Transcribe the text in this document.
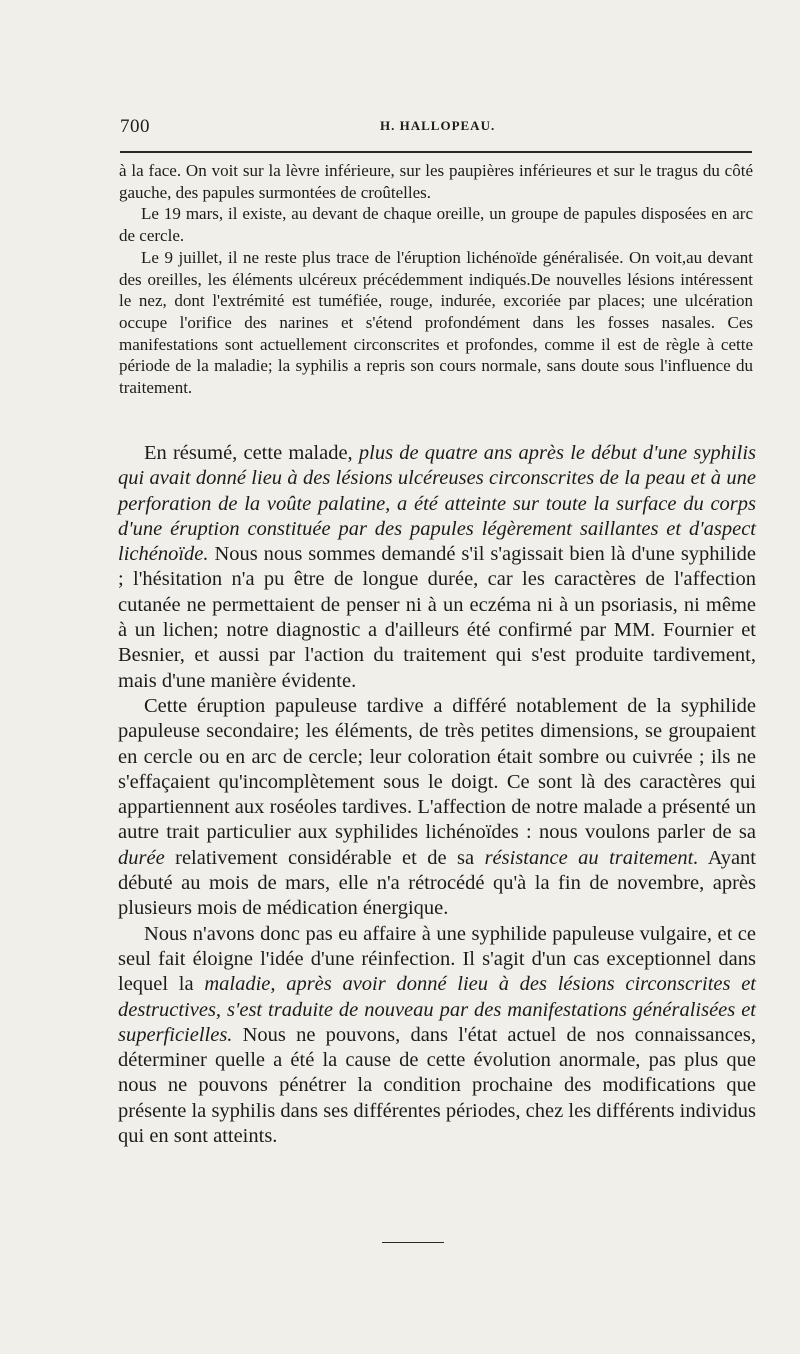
700	H. HALLOPEAU.

à la face. On voit sur la lèvre inférieure, sur les paupières inférieures et sur le tragus du côté gauche, des papules surmontées de croûtelles.

Le 19 mars, il existe, au devant de chaque oreille, un groupe de papules disposées en arc de cercle.

Le 9 juillet, il ne reste plus trace de l'éruption lichénoïde généralisée. On voit,au devant des oreilles, les éléments ulcéreux précédemment indiqués.De nouvelles lésions intéressent le nez, dont l'extrémité est tuméfiée, rouge, indurée, excoriée par places; une ulcération occupe l'orifice des narines et s'étend profondément dans les fosses nasales. Ces manifestations sont actuellement circonscrites et profondes, comme il est de règle à cette période de la maladie; la syphilis a repris son cours normale, sans doute sous l'influence du traitement.

En résumé, cette malade, plus de quatre ans après le début d'une syphilis qui avait donné lieu à des lésions ulcéreuses circonscrites de la peau et à une perforation de la voûte palatine, a été atteinte sur toute la surface du corps d'une éruption constituée par des papules légèrement saillantes et d'aspect lichénoïde. Nous nous sommes demandé s'il s'agissait bien là d'une syphilide ; l'hésitation n'a pu être de longue durée, car les caractères de l'affection cutanée ne permettaient de penser ni à un eczéma ni à un psoriasis, ni même à un lichen; notre diagnostic a d'ailleurs été confirmé par MM. Fournier et Besnier, et aussi par l'action du traitement qui s'est produite tardivement, mais d'une manière évidente.

Cette éruption papuleuse tardive a différé notablement de la syphilide papuleuse secondaire; les éléments, de très petites dimensions, se groupaient en cercle ou en arc de cercle; leur coloration était sombre ou cuivrée ; ils ne s'effaçaient qu'incomplètement sous le doigt. Ce sont là des caractères qui appartiennent aux roséoles tardives. L'affection de notre malade a présenté un autre trait particulier aux syphilides lichénoïdes : nous voulons parler de sa durée relativement considérable et de sa résistance au traitement. Ayant débuté au mois de mars, elle n'a rétrocédé qu'à la fin de novembre, après plusieurs mois de médication énergique.

Nous n'avons donc pas eu affaire à une syphilide papuleuse vulgaire, et ce seul fait éloigne l'idée d'une réinfection. Il s'agit d'un cas exceptionnel dans lequel la maladie, après avoir donné lieu à des lésions circonscrites et destructives, s'est traduite de nouveau par des manifestations généralisées et superficielles. Nous ne pouvons, dans l'état actuel de nos connaissances, déterminer quelle a été la cause de cette évolution anormale, pas plus que nous ne pouvons pénétrer la condition prochaine des modifications que présente la syphilis dans ses différentes périodes, chez les différents individus qui en sont atteints.
